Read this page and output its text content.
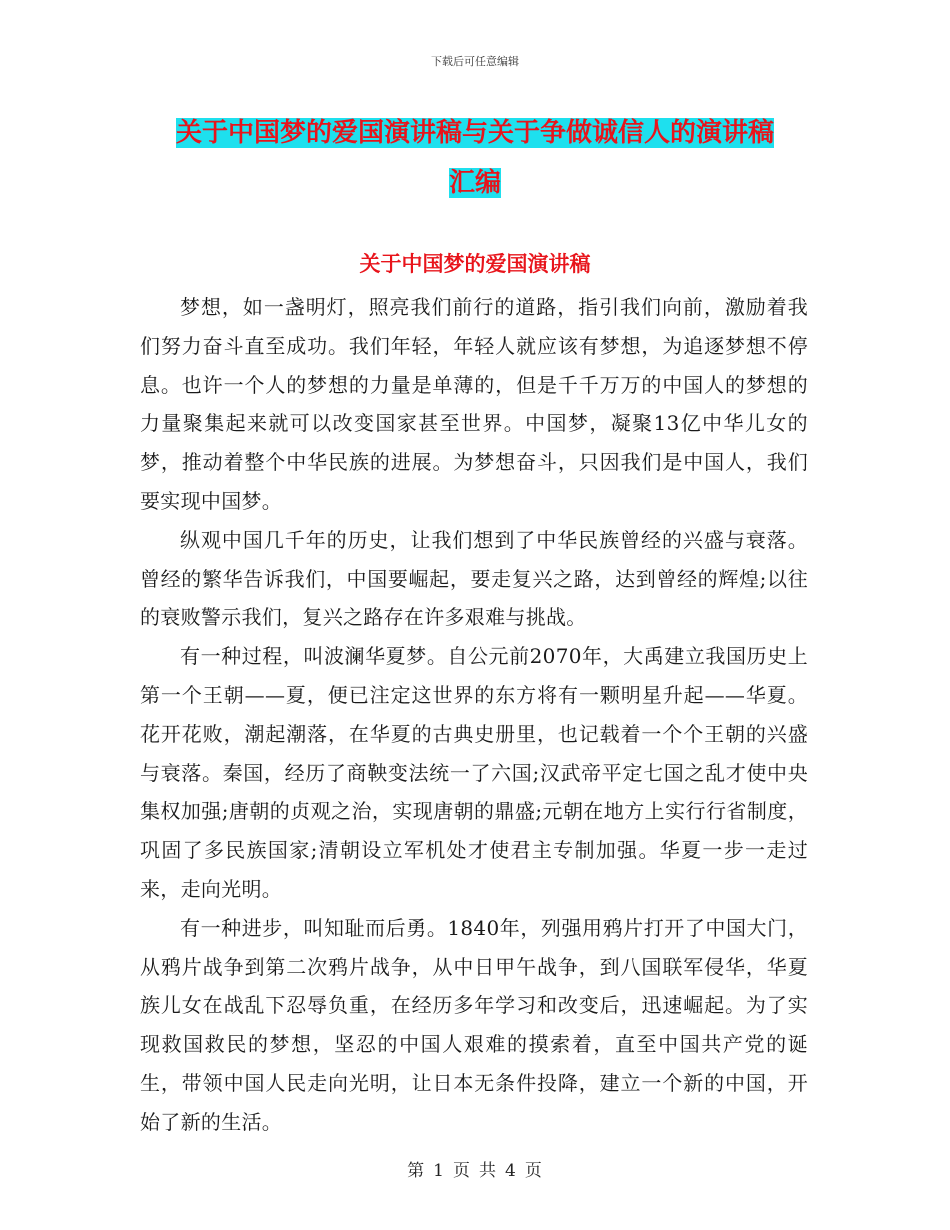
下载后可任意编辑
关于中国梦的爱国演讲稿与关于争做诚信人的演讲稿
汇编
关于中国梦的爱国演讲稿

梦想，如一盏明灯，照亮我们前行的道路，指引我们向前，激励着我们努力奋斗直至成功。我们年轻，年轻人就应该有梦想，为追逐梦想不停息。也许一个人的梦想的力量是单薄的，但是千千万万的中国人的梦想的力量聚集起来就可以改变国家甚至世界。中国梦，凝聚13亿中华儿女的梦，推动着整个中华民族的进展。为梦想奋斗，只因我们是中国人，我们要实现中国梦。

纵观中国几千年的历史，让我们想到了中华民族曾经的兴盛与衰落。曾经的繁华告诉我们，中国要崛起，要走复兴之路，达到曾经的辉煌;以往的衰败警示我们，复兴之路存在许多艰难与挑战。

有一种过程，叫波澜华夏梦。自公元前2070年，大禹建立我国历史上第一个王朝——夏，便已注定这世界的东方将有一颗明星升起——华夏。花开花败，潮起潮落，在华夏的古典史册里，也记载着一个个王朝的兴盛与衰落。秦国，经历了商鞅变法统一了六国;汉武帝平定七国之乱才使中央集权加强;唐朝的贞观之治，实现唐朝的鼎盛;元朝在地方上实行行省制度，巩固了多民族国家;清朝设立军机处才使君主专制加强。华夏一步一走过来，走向光明。

有一种进步，叫知耻而后勇。1840年，列强用鸦片打开了中国大门，从鸦片战争到第二次鸦片战争，从中日甲午战争，到八国联军侵华，华夏族儿女在战乱下忍辱负重，在经历多年学习和改变后，迅速崛起。为了实现救国救民的梦想，坚忍的中国人艰难的摸索着，直至中国共产党的诞生，带领中国人民走向光明，让日本无条件投降，建立一个新的中国，开始了新的生活。

第 1 页 共 4 页
